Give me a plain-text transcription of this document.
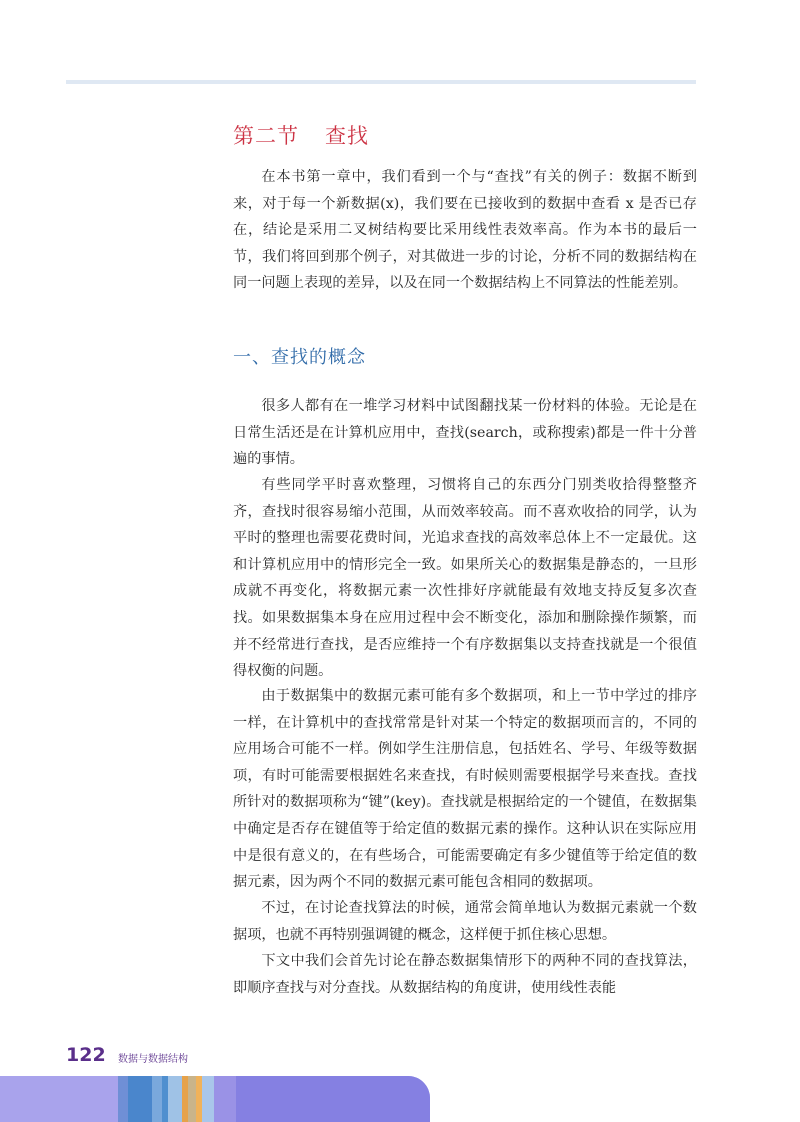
第二节 查找

在本书第一章中，我们看到一个与“查找”有关的例子：数据不断到来，对于每一个新数据(x)，我们要在已接收到的数据中查看 x 是否已存在，结论是采用二叉树结构要比采用线性表效率高。作为本书的最后一节，我们将回到那个例子，对其做进一步的讨论，分析不同的数据结构在同一问题上表现的差异，以及在同一个数据结构上不同算法的性能差别。

一、查找的概念

很多人都有在一堆学习材料中试图翻找某一份材料的体验。无论是在日常生活还是在计算机应用中，查找(search，或称搜索)都是一件十分普遍的事情。

有些同学平时喜欢整理，习惯将自己的东西分门别类收拾得整整齐齐，查找时很容易缩小范围，从而效率较高。而不喜欢收拾的同学，认为平时的整理也需要花费时间，光追求查找的高效率总体上不一定最优。这和计算机应用中的情形完全一致。如果所关心的数据集是静态的，一旦形成就不再变化，将数据元素一次性排好序就能最有效地支持反复多次查找。如果数据集本身在应用过程中会不断变化，添加和删除操作频繁，而并不经常进行查找，是否应维持一个有序数据集以支持查找就是一个很值得权衡的问题。

由于数据集中的数据元素可能有多个数据项，和上一节中学过的排序一样，在计算机中的查找常常是针对某一个特定的数据项而言的，不同的应用场合可能不一样。例如学生注册信息，包括姓名、学号、年级等数据项，有时可能需要根据姓名来查找，有时候则需要根据学号来查找。查找所针对的数据项称为“键”(key)。查找就是根据给定的一个键值，在数据集中确定是否存在键值等于给定值的数据元素的操作。这种认识在实际应用中是很有意义的，在有些场合，可能需要确定有多少键值等于给定值的数据元素，因为两个不同的数据元素可能包含相同的数据项。

不过，在讨论查找算法的时候，通常会简单地认为数据元素就一个数据项，也就不再特别强调键的概念，这样便于抓住核心思想。

下文中我们会首先讨论在静态数据集情形下的两种不同的查找算法，即顺序查找与对分查找。从数据结构的角度讲，使用线性表能

122 数据与数据结构
